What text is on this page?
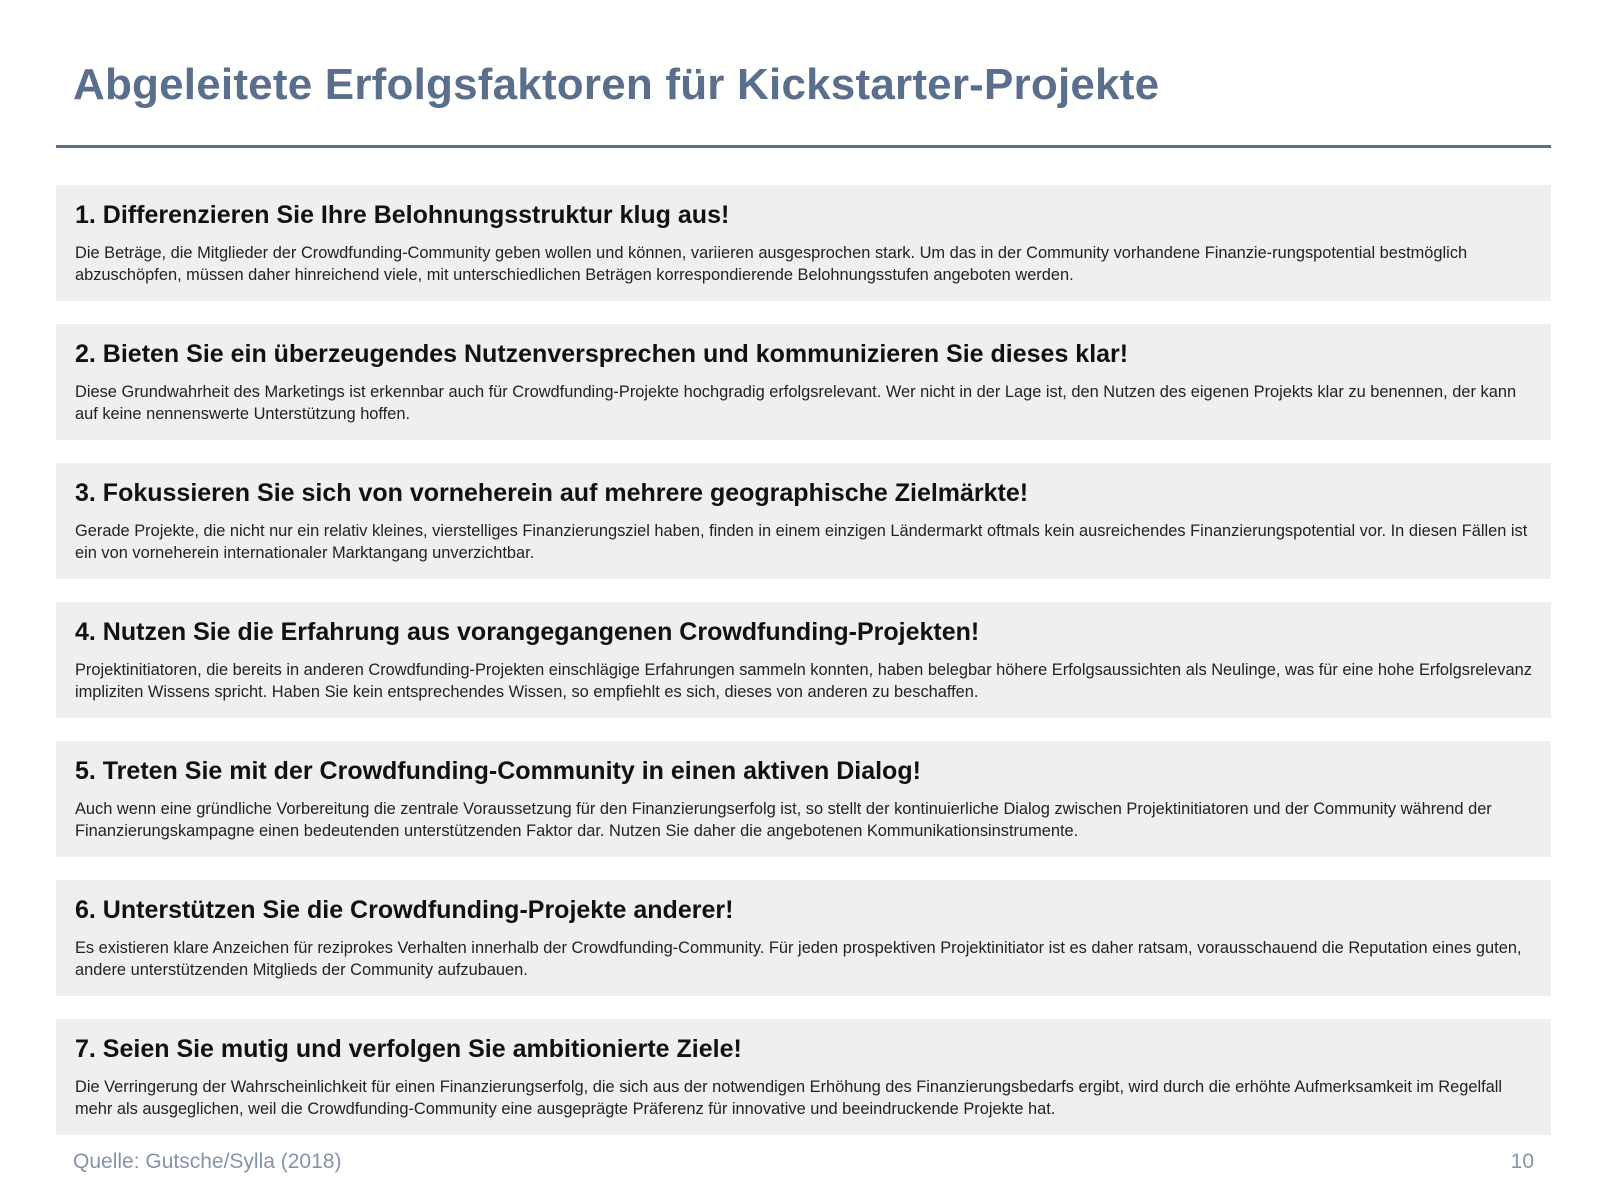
Abgeleitete Erfolgsfaktoren für Kickstarter-Projekte
1. Differenzieren Sie Ihre Belohnungsstruktur klug aus!

Die Beträge, die Mitglieder der Crowdfunding-Community geben wollen und können, variieren ausgesprochen stark. Um das in der Community vorhandene Finanzie-rungspotential bestmöglich abzuschöpfen, müssen daher hinreichend viele, mit unterschiedlichen Beträgen korrespondierende Belohnungsstufen angeboten werden.

2. Bieten Sie ein überzeugendes Nutzenversprechen und kommunizieren Sie dieses klar!

Diese Grundwahrheit des Marketings ist erkennbar auch für Crowdfunding-Projekte hochgradig erfolgsrelevant. Wer nicht in der Lage ist, den Nutzen des eigenen Projekts klar zu benennen, der kann auf keine nennenswerte Unterstützung hoffen.

3. Fokussieren Sie sich von vorneherein auf mehrere geographische Zielmärkte!

Gerade Projekte, die nicht nur ein relativ kleines, vierstelliges Finanzierungsziel haben, finden in einem einzigen Ländermarkt oftmals kein ausreichendes Finanzierungspotential vor. In diesen Fällen ist ein von vorneherein internationaler Marktangang unverzichtbar.

4. Nutzen Sie die Erfahrung aus vorangegangenen Crowdfunding-Projekten!

Projektinitiatoren, die bereits in anderen Crowdfunding-Projekten einschlägige Erfahrungen sammeln konnten, haben belegbar höhere Erfolgsaussichten als Neulinge, was für eine hohe Erfolgsrelevanz impliziten Wissens spricht. Haben Sie kein entsprechendes Wissen, so empfiehlt es sich, dieses von anderen zu beschaffen.

5. Treten Sie mit der Crowdfunding-Community in einen aktiven Dialog!

Auch wenn eine gründliche Vorbereitung die zentrale Voraussetzung für den Finanzierungserfolg ist, so stellt der kontinuierliche Dialog zwischen Projektinitiatoren und der Community während der Finanzierungskampagne einen bedeutenden unterstützenden Faktor dar. Nutzen Sie daher die angebotenen Kommunikationsinstrumente.

6. Unterstützen Sie die Crowdfunding-Projekte anderer!

Es existieren klare Anzeichen für reziprokes Verhalten innerhalb der Crowdfunding-Community. Für jeden prospektiven Projektinitiator ist es daher ratsam, vorausschauend die Reputation eines guten, andere unterstützenden Mitglieds der Community aufzubauen.

7. Seien Sie mutig und verfolgen Sie ambitionierte Ziele!

Die Verringerung der Wahrscheinlichkeit für einen Finanzierungserfolg, die sich aus der notwendigen Erhöhung des Finanzierungsbedarfs ergibt, wird durch die erhöhte Aufmerksamkeit im Regelfall mehr als ausgeglichen, weil die Crowdfunding-Community eine ausgeprägte Präferenz für innovative und beeindruckende Projekte hat.

Quelle: Gutsche/Sylla (2018)	10
